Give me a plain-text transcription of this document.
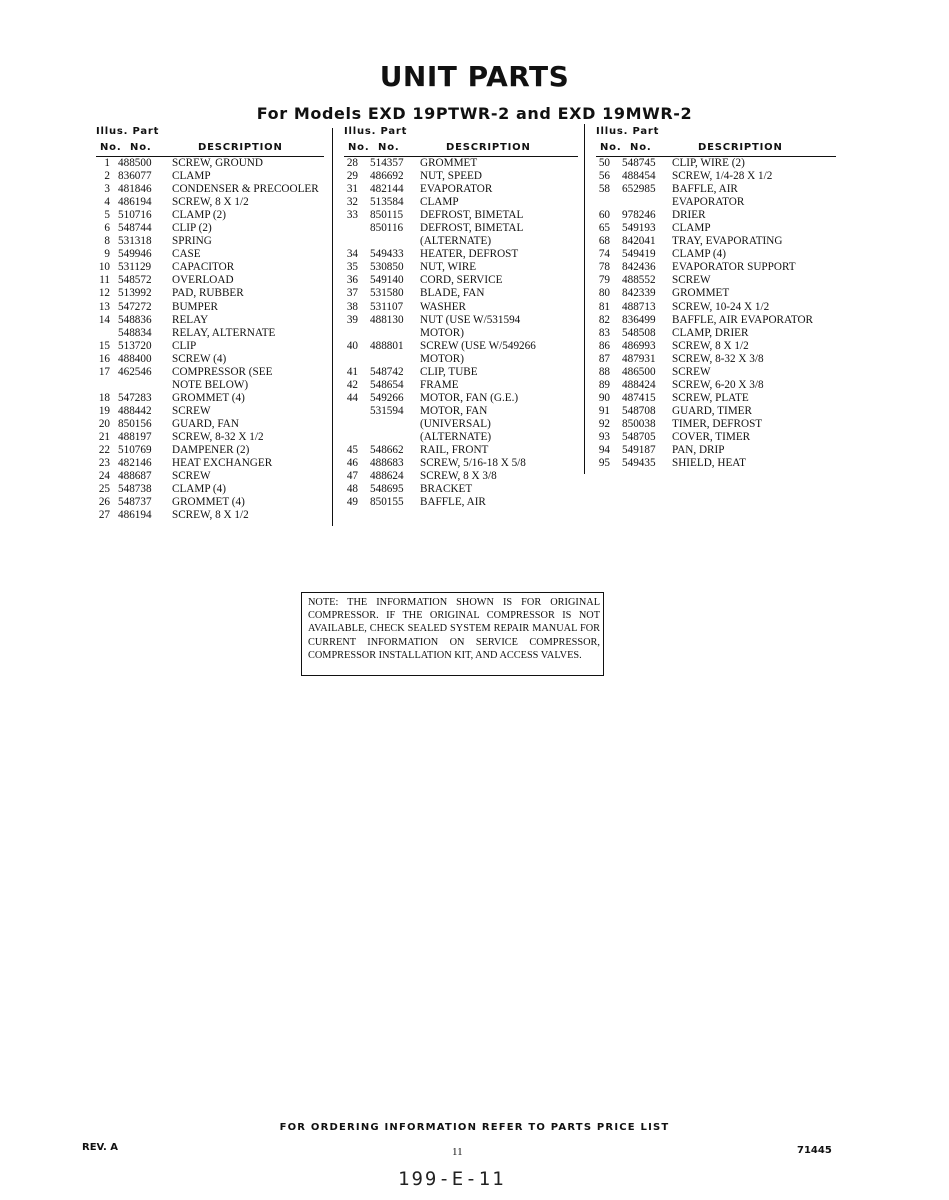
UNIT PARTS
For Models EXD 19PTWR-2 and EXD 19MWR-2
Illus. Part
No. No.	DESCRIPTION
1 488500 SCREW, GROUND
2 836077 CLAMP
3 481846 CONDENSER & PRECOOLER
4 486194 SCREW, 8 X 1/2
5 510716 CLAMP (2)
6 548744 CLIP (2)
8 531318 SPRING
9 549946 CASE
10 531129 CAPACITOR
11 548572 OVERLOAD
12 513992 PAD, RUBBER
13 547272 BUMPER
14 548836 RELAY
548834 RELAY, ALTERNATE
15 513720 CLIP
16 488400 SCREW (4)
17 462546 COMPRESSOR (SEE
NOTE BELOW)
18 547283 GROMMET (4)
19 488442 SCREW
20 850156 GUARD, FAN
21 488197 SCREW, 8-32 X 1/2
22 510769 DAMPENER (2)
23 482146 HEAT EXCHANGER
24 488687 SCREW
25 548738 CLAMP (4)
26 548737 GROMMET (4)
27 486194 SCREW, 8 X 1/2
Illus. Part
No. No.	DESCRIPTION
28 514357 GROMMET
29 486692 NUT, SPEED
31 482144 EVAPORATOR
32 513584 CLAMP
33 850115 DEFROST, BIMETAL
850116 DEFROST, BIMETAL
(ALTERNATE)
34 549433 HEATER, DEFROST
35 530850 NUT, WIRE
36 549140 CORD, SERVICE
37 531580 BLADE, FAN
38 531107 WASHER
39 488130 NUT (USE W/531594
MOTOR)
40 488801 SCREW (USE W/549266
MOTOR)
41 548742 CLIP, TUBE
42 548654 FRAME
44 549266 MOTOR, FAN (G.E.)
531594 MOTOR, FAN
(UNIVERSAL)
(ALTERNATE)
45 548662 RAIL, FRONT
46 488683 SCREW, 5/16-18 X 5/8
47 488624 SCREW, 8 X 3/8
48 548695 BRACKET
49 850155 BAFFLE, AIR
Illus. Part
No. No.	DESCRIPTION
50 548745 CLIP, WIRE (2)
56 488454 SCREW, 1/4-28 X 1/2
58 652985 BAFFLE, AIR
EVAPORATOR
60 978246 DRIER
65 549193 CLAMP
68 842041 TRAY, EVAPORATING
74 549419 CLAMP (4)
78 842436 EVAPORATOR SUPPORT
79 488552 SCREW
80 842339 GROMMET
81 488713 SCREW, 10-24 X 1/2
82 836499 BAFFLE, AIR EVAPORATOR
83 548508 CLAMP, DRIER
86 486993 SCREW, 8 X 1/2
87 487931 SCREW, 8-32 X 3/8
88 486500 SCREW
89 488424 SCREW, 6-20 X 3/8
90 487415 SCREW, PLATE
91 548708 GUARD, TIMER
92 850038 TIMER, DEFROST
93 548705 COVER, TIMER
94 549187 PAN, DRIP
95 549435 SHIELD, HEAT
NOTE: THE INFORMATION SHOWN IS FOR ORIGINAL COMPRESSOR. IF THE ORIGINAL COMPRESSOR IS NOT AVAILABLE, CHECK SEALED SYSTEM REPAIR MANUAL FOR CURRENT INFORMATION ON SERVICE COMPRESSOR, COMPRESSOR INSTALLATION KIT, AND ACCESS VALVES.
FOR ORDERING INFORMATION REFER TO PARTS PRICE LIST
REV. A	11	71445
199-E-11
